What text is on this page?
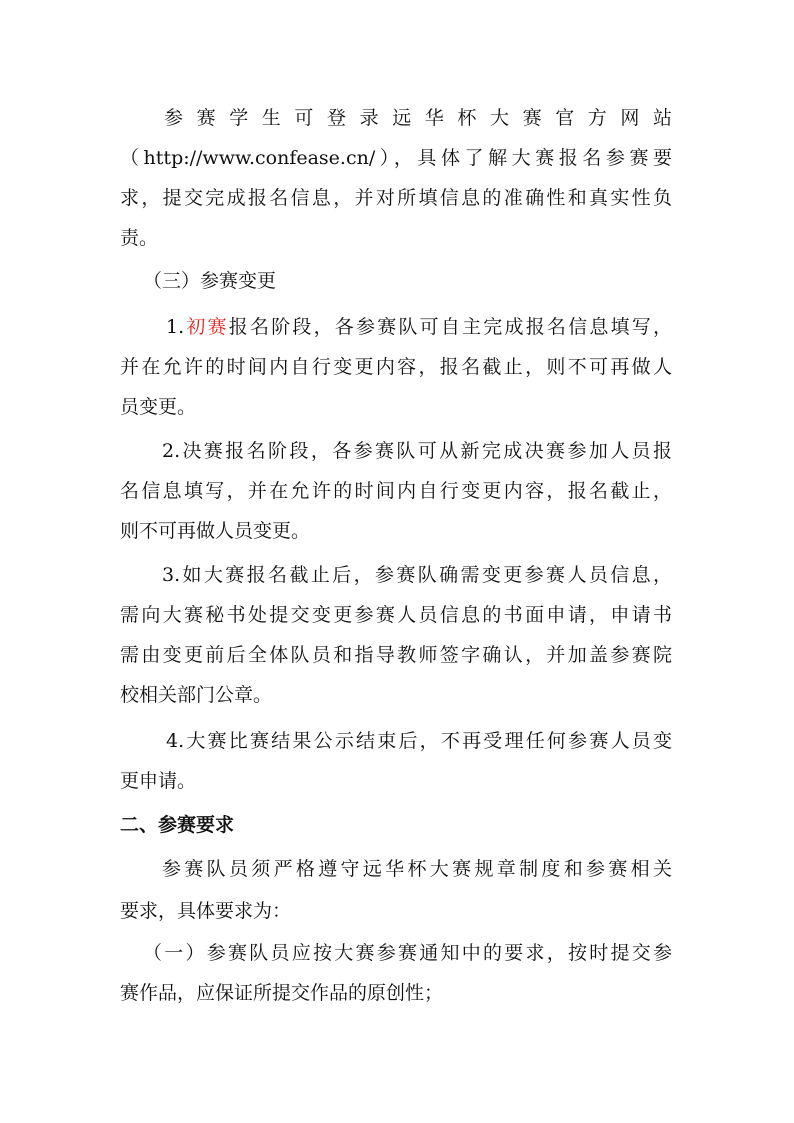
参赛学生可登录远华杯大赛官方网站

（http://www.confease.cn/），具体了解大赛报名参赛要

求，提交完成报名信息，并对所填信息的准确性和真实性负

责。

（三）参赛变更

1.初赛报名阶段，各参赛队可自主完成报名信息填写，

并在允许的时间内自行变更内容，报名截止，则不可再做人

员变更。

2.决赛报名阶段，各参赛队可从新完成决赛参加人员报

名信息填写，并在允许的时间内自行变更内容，报名截止，

则不可再做人员变更。

3.如大赛报名截止后，参赛队确需变更参赛人员信息，

需向大赛秘书处提交变更参赛人员信息的书面申请，申请书

需由变更前后全体队员和指导教师签字确认，并加盖参赛院

校相关部门公章。

4.大赛比赛结果公示结束后，不再受理任何参赛人员变

更申请。

二、参赛要求

参赛队员须严格遵守远华杯大赛规章制度和参赛相关

要求，具体要求为：

（一）参赛队员应按大赛参赛通知中的要求，按时提交参

赛作品，应保证所提交作品的原创性；
